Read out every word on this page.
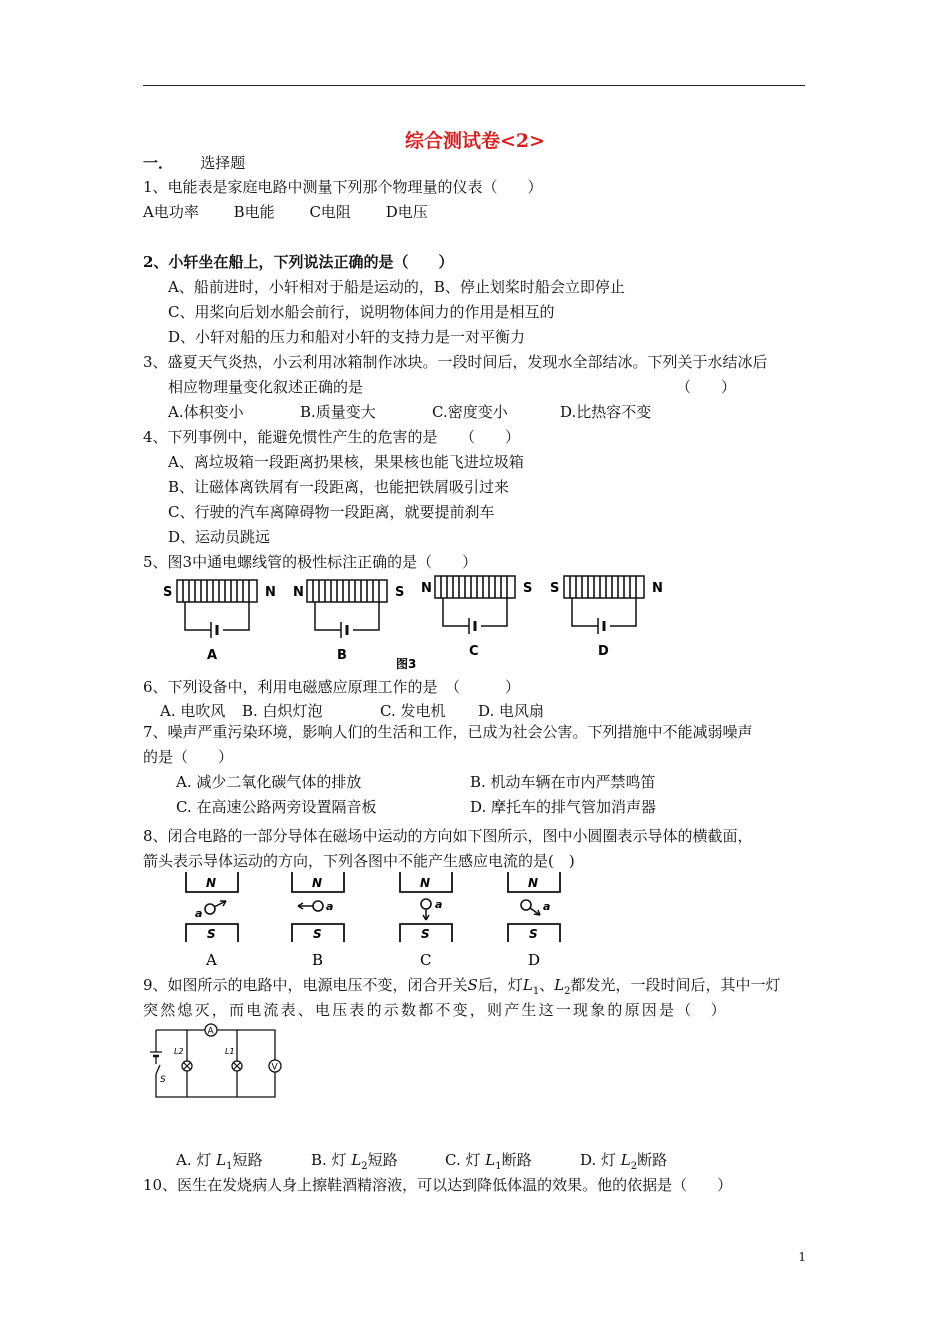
综合测试卷<2>
一． 选择题
1、电能表是家庭电路中测量下列那个物理量的仪表（　　）
A电功率 B电能 C电阻 D电压
2、小轩坐在船上，下列说法正确的是（　　）
A、船前进时，小轩相对于船是运动的，B、停止划桨时船会立即停止
C、用桨向后划水船会前行，说明物体间力的作用是相互的
D、小轩对船的压力和船对小轩的支持力是一对平衡力
3、盛夏天气炎热，小云利用冰箱制作冰块。一段时间后，发现水全部结冰。下列关于水结冰后
相应物理量变化叙述正确的是	（　　）
A.体积变小	B.质量变大	C.密度变小	D.比热容不变
4、下列事例中，能避免惯性产生的危害的是　　（　　）
A、离垃圾箱一段距离扔果核，果果核也能飞进垃圾箱
B、让磁体离铁屑有一段距离，也能把铁屑吸引过来
C、行驶的汽车离障碍物一段距离，就要提前刹车
D、运动员跳远
5、图3中通电螺线管的极性标注正确的是（　　）
S	N
A
N	S
B
N	S
C
S	N
D
图3
6、下列设备中，利用电磁感应原理工作的是　（　　　）
A. 电吹风 B. 白炽灯泡	C. 发电机 D. 电风扇
7、噪声严重污染环境，影响人们的生活和工作，已成为社会公害。下列措施中不能减弱噪声
的是（　　）
A. 减少二氧化碳气体的排放	B. 机动车辆在市内严禁鸣笛
C. 在高速公路两旁设置隔音板	D. 摩托车的排气管加消声器
8、闭合电路的一部分导体在磁场中运动的方向如下图所示，图中小圆圈表示导体的横截面，
箭头表示导体运动的方向，下列各图中不能产生感应电流的是(　)
N
S
a
A
N
S
a
B
N
S
a
C
N
S
a
D
9、如图所示的电路中，电源电压不变，闭合开关S后，灯$L_1$、$L_2$都发光，一段时间后，其中一灯
突然熄灭，而电流表、电压表的示数都不变，则产生这一现象的原因是（　）
A
L2	L1
V
S
A. 灯 $L_1$短路	B. 灯 $L_2$短路	C. 灯 $L_1$断路	D. 灯 $L_2$断路
10、医生在发烧病人身上擦鞋酒精溶液，可以达到降低体温的效果。他的依据是（　　）
1
